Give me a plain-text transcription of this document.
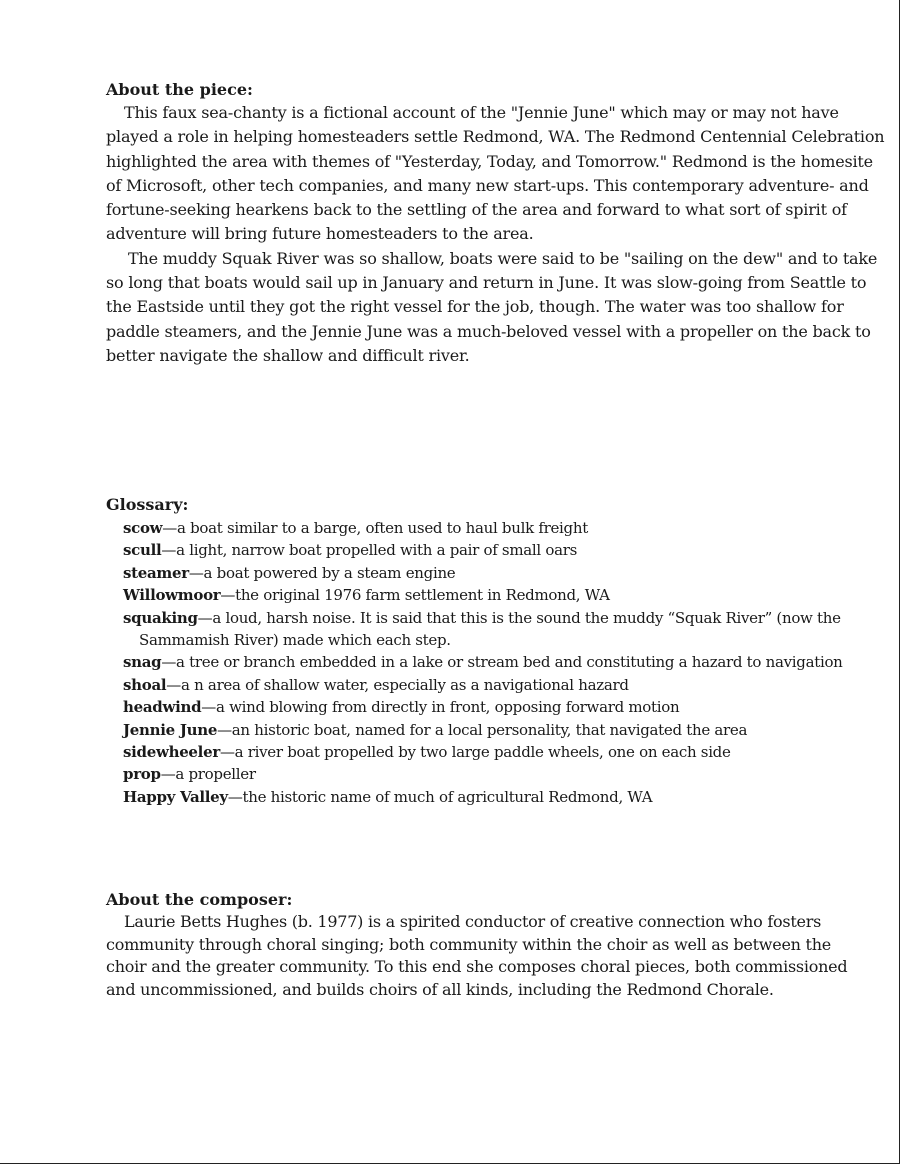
About the piece:

This faux sea-chanty is a fictional account of the "Jennie June" which may or may not have played a role in helping homesteaders settle Redmond, WA. The Redmond Centennial Celebration highlighted the area with themes of "Yesterday, Today, and Tomorrow." Redmond is the homesite of Microsoft, other tech companies, and many new start-ups. This contemporary adventure- and fortune-seeking hearkens back to the settling of the area and forward to what sort of spirit of adventure will bring future homesteaders to the area.

The muddy Squak River was so shallow, boats were said to be "sailing on the dew" and to take so long that boats would sail up in January and return in June. It was slow-going from Seattle to the Eastside until they got the right vessel for the job, though. The water was too shallow for paddle steamers, and the Jennie June was a much-beloved vessel with a propeller on the back to better navigate the shallow and difficult river.

Glossary:
scow—a boat similar to a barge, often used to haul bulk freight
scull—a light, narrow boat propelled with a pair of small oars
steamer—a boat powered by a steam engine
Willowmoor—the original 1976 farm settlement in Redmond, WA
squaking—a loud, harsh noise. It is said that this is the sound the muddy “Squak River” (now the Sammamish River) made which each step.
snag—a tree or branch embedded in a lake or stream bed and constituting a hazard to navigation
shoal—a n area of shallow water, especially as a navigational hazard
headwind—a wind blowing from directly in front, opposing forward motion
Jennie June—an historic boat, named for a local personality, that navigated the area
sidewheeler—a river boat propelled by two large paddle wheels, one on each side
prop—a propeller
Happy Valley—the historic name of much of agricultural Redmond, WA
About the composer:

Laurie Betts Hughes (b. 1977) is a spirited conductor of creative connection who fosters community through choral singing; both community within the choir as well as between the choir and the greater community. To this end she composes choral pieces, both commissioned and uncommissioned, and builds choirs of all kinds, including the Redmond Chorale.
